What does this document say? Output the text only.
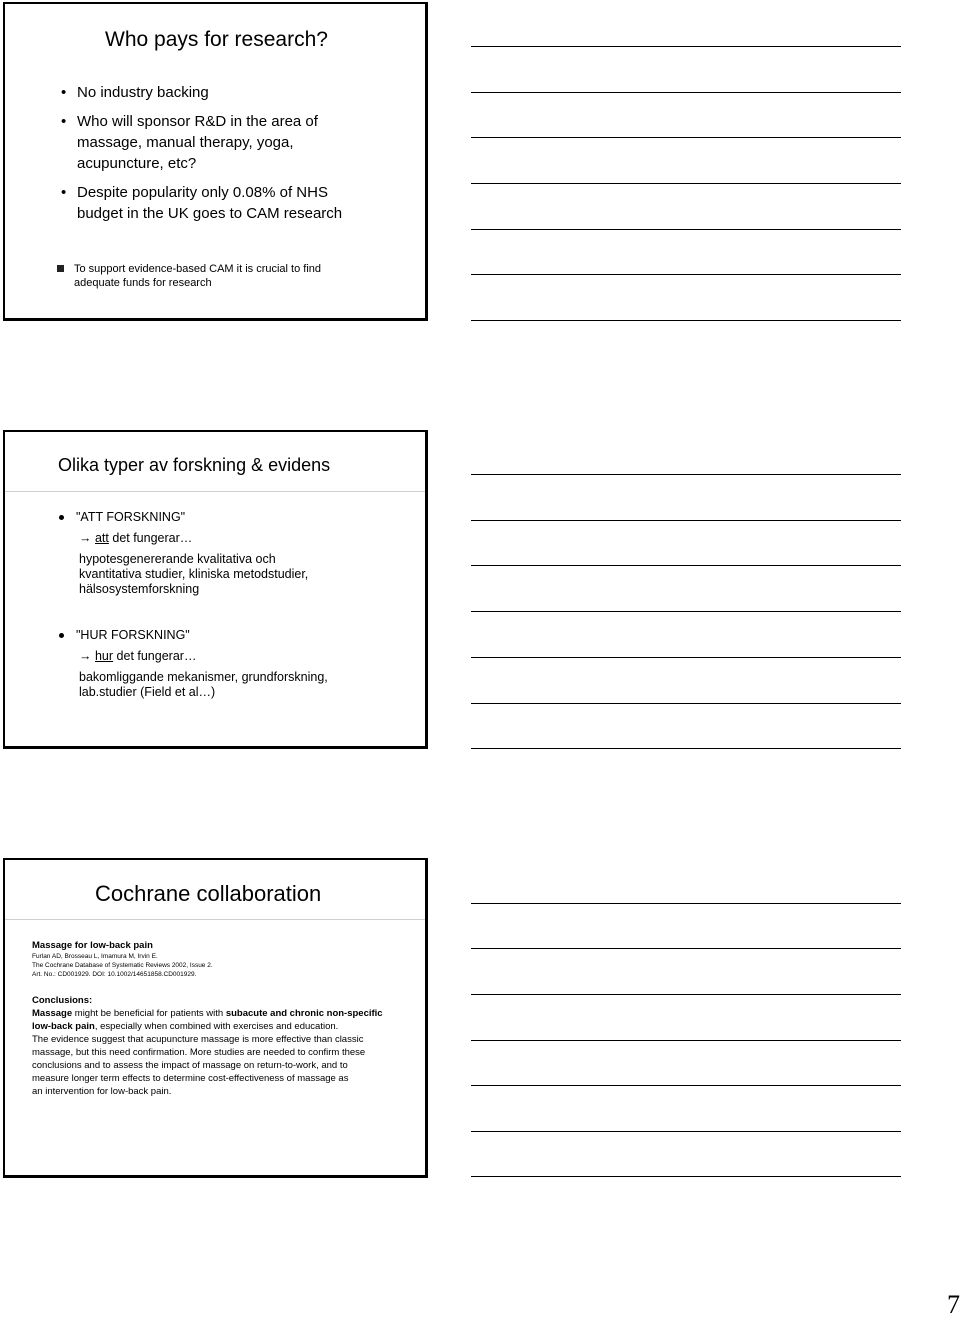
Who pays for research?
• No industry backing
• Who will sponsor R&D in the area of
massage, manual therapy, yoga,
acupuncture, etc?
• Despite popularity only 0.08% of NHS
budget in the UK goes to CAM research
To support evidence-based CAM it is crucial to find
adequate funds for research
Olika typer av forskning & evidens
"ATT FORSKNING"
→ att det fungerar…
hypotesgenererande kvalitativa och
kvantitativa studier, kliniska metodstudier,
hälsosystemforskning
"HUR FORSKNING"
→ hur det fungerar…
bakomliggande mekanismer, grundforskning,
lab.studier (Field et al…)
Cochrane collaboration
Massage for low-back pain
Furlan AD, Brosseau L, Imamura M, Irvin E.
The Cochrane Database of Systematic Reviews 2002, Issue 2.
Art. No.: CD001929. DOI: 10.1002/14651858.CD001929.
Conclusions:
Massage might be beneficial for patients with subacute and chronic non-specific
low-back pain, especially when combined with exercises and education.
The evidence suggest that acupuncture massage is more effective than classic
massage, but this need confirmation. More studies are needed to confirm these
conclusions and to assess the impact of massage on return-to-work, and to
measure longer term effects to determine cost-effectiveness of massage as
an intervention for low-back pain.
7
